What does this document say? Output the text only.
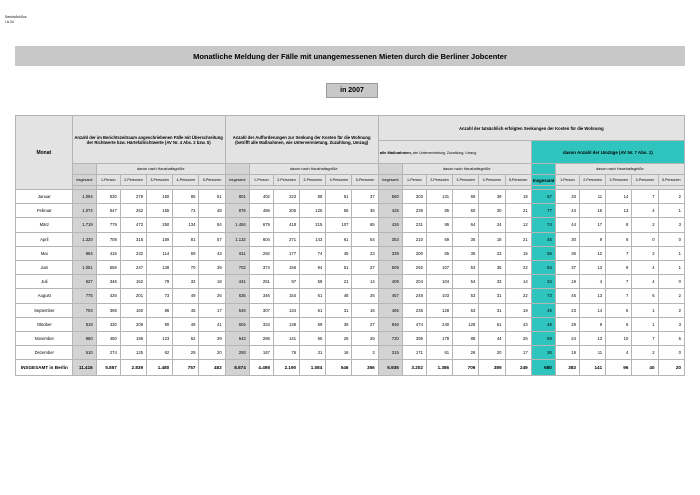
SenIntArbSoz
I A 24
Monatliche Meldung der Fälle mit unangemessenen Mieten durch die Berliner Jobcenter
in 2007
Monat	Anzahl der im Berichtszeitraum angeschriebenen Fälle mit Überschreitung der Richtwerte bzw. Härtefallrichtwerte (AV Nr. 4 Abs. 2 bzw. 5)						Anzahl der Aufforderungen zur Senkung der Kosten für die Wohnung (betrifft alle Maßnahmen, wie Untervermietung, Zuzahlung, Umzug)						Anzahl der tatsächlich erfolgten Senkungen der Kosten für die Wohnung											
													alle Maßnahmen, wie Untervermietung, Zuzahlung, Umzug						davon Anzahl der Umzüge (AV Nr. 7 Abs. 1)					
		davon nach Haushaltsgröße						davon nach Haushaltsgröße						davon nach Haushaltsgröße						davon nach Haushaltsgröße				
	Insgesamt	1-Person	2-Personen	3-Personen	4-Personen	5-Personen	Insgesamt	1-Person	2-Personen	3-Personen	4-Personen	5-Personen	Insgesamt	1-Person	2-Personen	3-Personen	4-Personen	5-Personen	Insgesamt	1-Person	2-Personen	3-Personen	4-Personen	5-Personen

Januar	1.094	530	278	150	85	51	801	402	223	88	51	37	560	303	131	69	39	18	67	33	11	14	7	2
Februar	1.074	547	252	155	72	48	876	456	205	125	56	36	425	239	85	50	30	21	77	44	15	13	4	1
März	1.719	779	472	250	134	84	1.484	679	418	215	107	65	426	231	95	64	24	12	74	44	17	8	2	3
April	1.320	708	315	159	81	57	1.132	604	271	143	61	54	353	210	69	35	18	21	45	30	9	6	0	0
Mai	864	416	232	114	59	43	611	292	177	74	45	23	339	200	65	36	23	15	56	36	12	7	2	1
Juni	1.051	556	247	139	70	39	702	374	156	94	51	27	509	292	107	53	35	22	64	37	13	9	4	1
Juli	627	346	152	79	32	18	441	251	97	58	21	14	409	204	104	54	33	14	34	19	4	7	4	0
August	775	426	201	73	49	26	635	346	154	61	48	26	457	248	103	53	31	22	73	45	13	7	6	2
September	704	396	160	86	45	17	549	307	134	61	31	16	466	235	128	53	31	19	45	23	14	5	1	2
Oktober	819	430	209	90	49	41	604	334	138	69	36	27	946	474	240	128	61	43	48	29	9	6	1	3
November	860	450	196	123	52	39	543	286	141	65	25	26	730	395	178	88	44	25	59	24	13	10	7	5
Dezember	510	274	125	62	29	20	293	167	76	31	16	3	315	171	61	26	20	17	36	19	11	4	2	0
INSGESAMT in Berlin	11.416	5.857	2.839	1.480	757	483	8.674	4.498	2.190	1.084	546	356	5.935	3.202	1.386	709	389	249	680	383	141	96	40	20
